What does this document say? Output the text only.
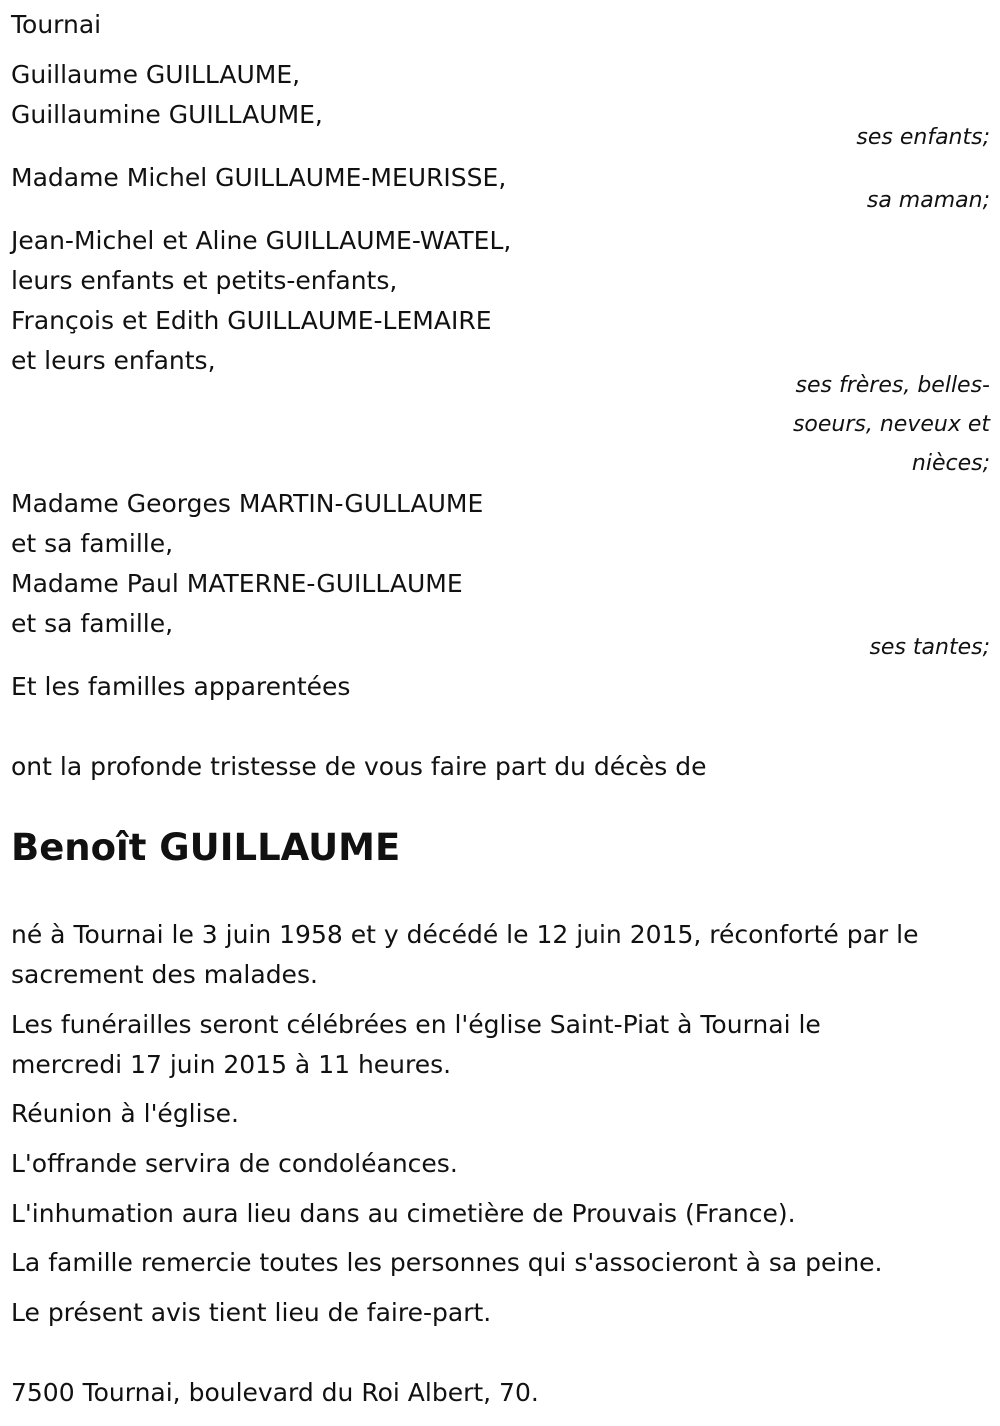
Tournai

Guillaume GUILLAUME,

Guillaumine GUILLAUME,

ses enfants;

Madame Michel GUILLAUME-MEURISSE,

sa maman;

Jean-Michel et Aline GUILLAUME-WATEL,

leurs enfants et petits-enfants,

François et Edith GUILLAUME-LEMAIRE

et leurs enfants,

ses frères, belles-

soeurs, neveux et

nièces;

Madame Georges MARTIN-GULLAUME

et sa famille,

Madame Paul MATERNE-GUILLAUME

et sa famille,

ses tantes;

Et les familles apparentées

ont la profonde tristesse de vous faire part du décès de

Benoît GUILLAUME

né à Tournai le 3 juin 1958 et y décédé le 12 juin 2015, réconforté par le

sacrement des malades.

Les funérailles seront célébrées en l'église Saint-Piat à Tournai le

mercredi 17 juin 2015 à 11 heures.

Réunion à l'église.

L'offrande servira de condoléances.

L'inhumation aura lieu dans au cimetière de Prouvais (France).

La famille remercie toutes les personnes qui s'associeront à sa peine.

Le présent avis tient lieu de faire-part.

7500 Tournai, boulevard du Roi Albert, 70.
